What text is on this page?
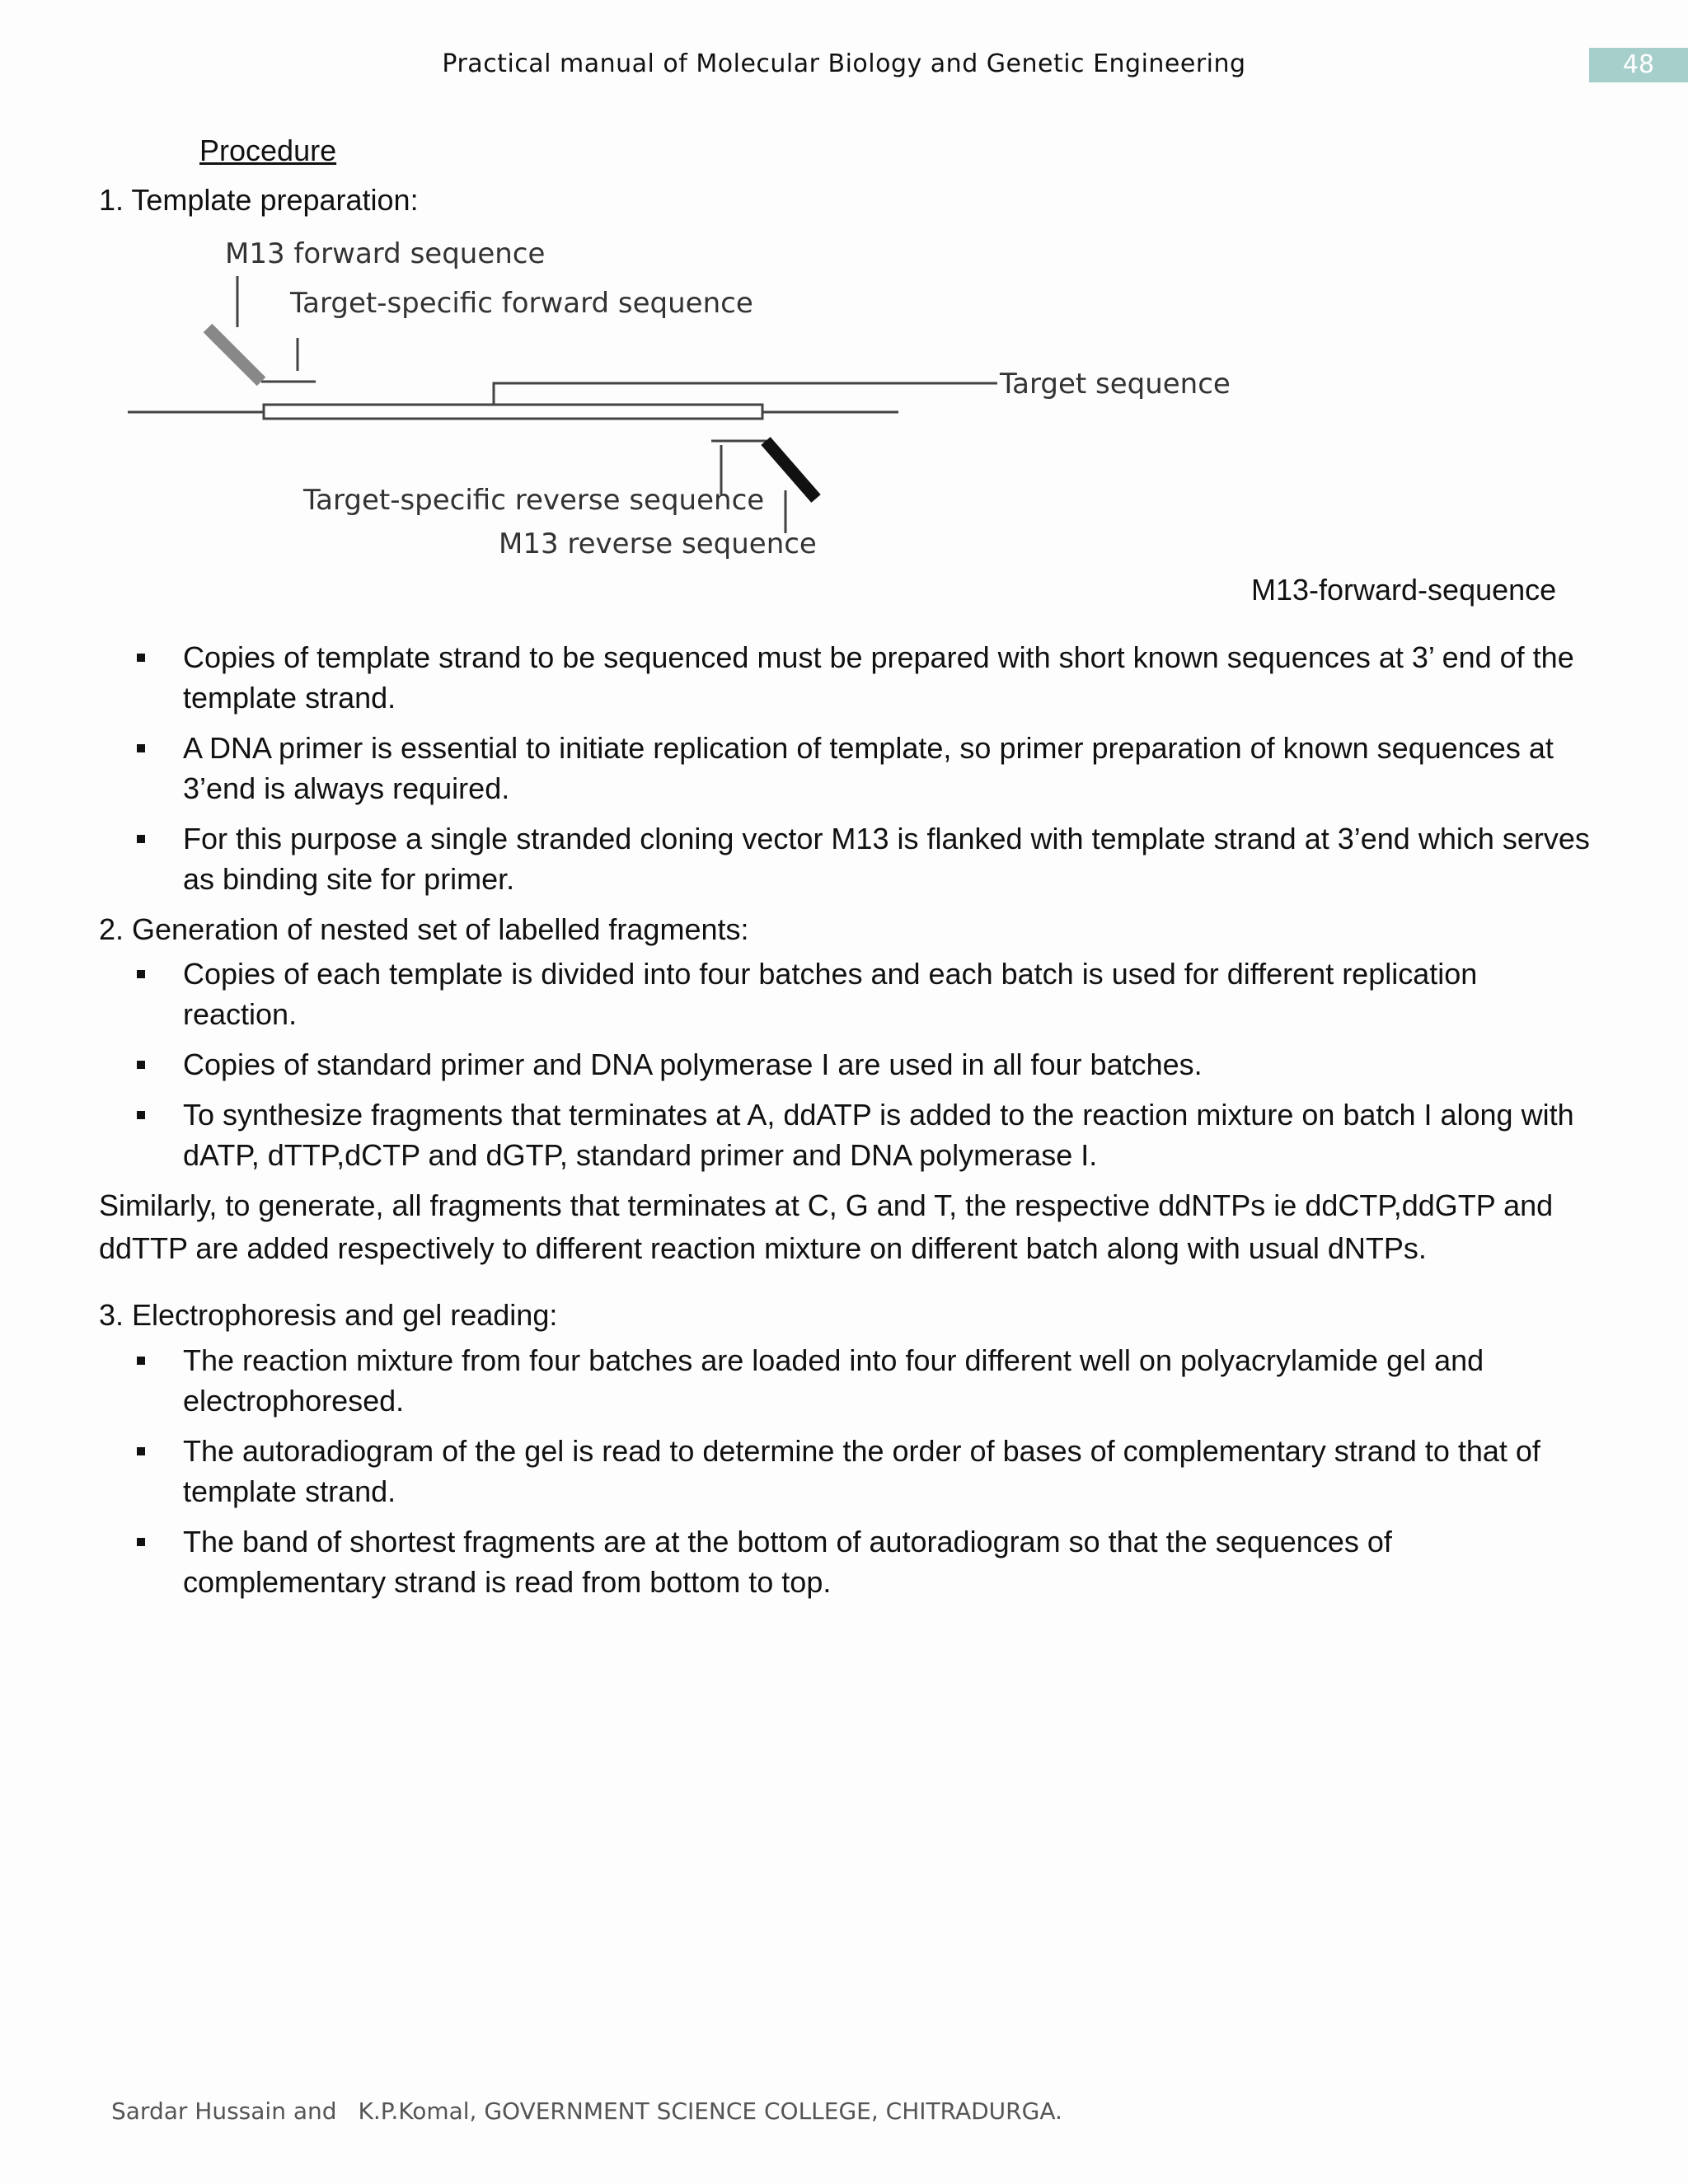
Practical manual of Molecular Biology and Genetic Engineering	48
Procedure
1. Template preparation:
M13 forward sequence
Target-specific forward sequence
Target sequence
Target-specific reverse sequence
M13 reverse sequence
M13-forward-sequence
Copies of template strand to be sequenced must be prepared with short known sequences at 3’ end of the template strand.
A DNA primer is essential to initiate replication of template, so primer preparation of known sequences at 3’end is always required.
For this purpose a single stranded cloning vector M13 is flanked with template strand at 3’end which serves as binding site for primer.
2. Generation of nested set of labelled fragments:
Copies of each template is divided into four batches and each batch is used for different replication reaction.
Copies of standard primer and DNA polymerase I are used in all four batches.
To synthesize fragments that terminates at A, ddATP is added to the reaction mixture on batch I along with dATP, dTTP,dCTP and dGTP, standard primer and DNA polymerase I.
Similarly, to generate, all fragments that terminates at C, G and T, the respective ddNTPs ie ddCTP,ddGTP and ddTTP are added respectively to different reaction mixture on different batch along with usual dNTPs.
3. Electrophoresis and gel reading:
The reaction mixture from four batches are loaded into four different well on polyacrylamide gel and electrophoresed.
The autoradiogram of the gel is read to determine the order of bases of complementary strand to that of template strand.
The band of shortest fragments are at the bottom of autoradiogram so that the sequences of complementary strand is read from bottom to top.
Sardar Hussain and K.P.Komal, GOVERNMENT SCIENCE COLLEGE, CHITRADURGA.
